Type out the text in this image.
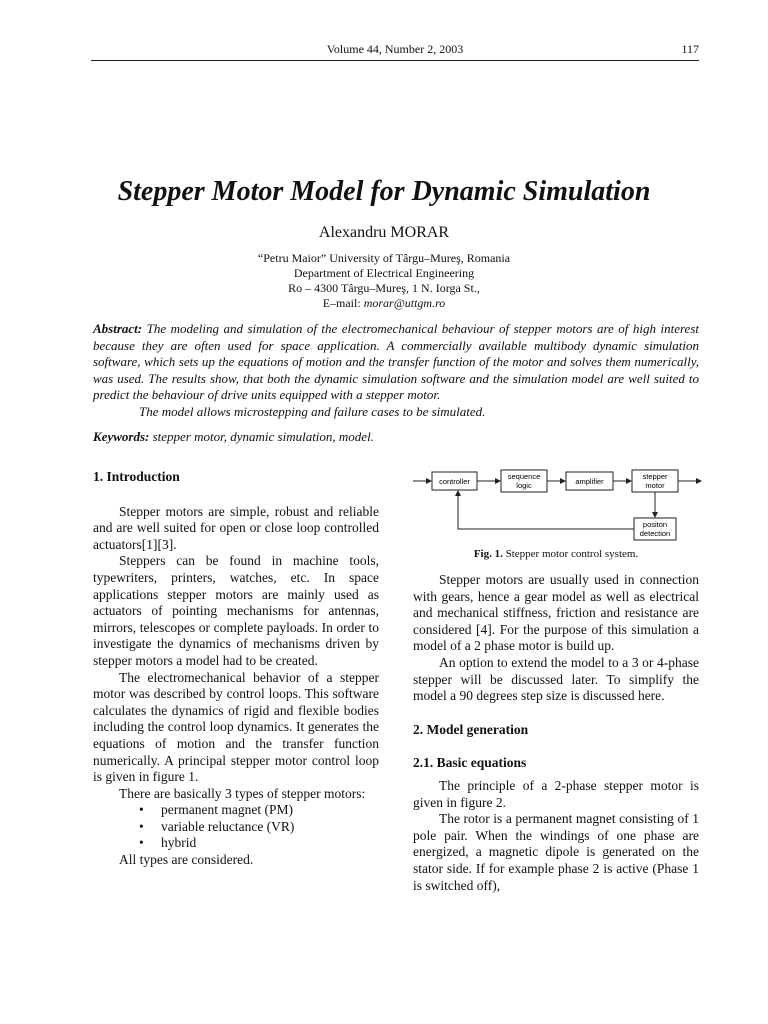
Volume 44, Number 2, 2003	117
Stepper Motor Model for Dynamic Simulation
Alexandru MORAR
“Petru Maior” University of Târgu–Mureş, Romania
Department of Electrical Engineering
Ro – 4300 Târgu–Mureş, 1 N. Iorga St.,
E–mail: morar@uttgm.ro
Abstract: The modeling and simulation of the electromechanical behaviour of stepper motors are of high interest because they are often used for space application. A commercially available multibody dynamic simulation software, which sets up the equations of motion and the transfer function of the motor and solves them numerically, was used. The results show, that both the dynamic simulation software and the simulation model are well suited to predict the behaviour of drive units equipped with a stepper motor.
The model allows microstepping and failure cases to be simulated.
Keywords: stepper motor, dynamic simulation, model.
1. Introduction

Stepper motors are simple, robust and reliable and are well suited for open or close loop controlled actuators[1][3].

Steppers can be found in machine tools, typewriters, printers, watches, etc. In space applications stepper motors are mainly used as actuators of pointing mechanisms for antennas, mirrors, telescopes or complete payloads. In order to investigate the dynamics of mechanisms driven by stepper motors a model had to be created.

The electromechanical behavior of a stepper motor was described by control loops. This software calculates the dynamics of rigid and flexible bodies including the control loop dynamics. It generates the equations of motion and the transfer function numerically. A principal stepper motor control loop is given in figure 1.

There are basically 3 types of stepper motors:

• permanent magnet (PM)
• variable reluctance (VR)
• hybrid

All types are considered.

controller
sequence
logic	amplifier
stepper
motor
positon
detection
Fig. 1. Stepper motor control system.

Stepper motors are usually used in connection with gears, hence a gear model as well as electrical and mechanical stiffness, friction and resistance are considered [4]. For the purpose of this simulation a model of a 2 phase motor is build up.

An option to extend the model to a 3 or 4-phase stepper will be discussed later. To simplify the model a 90 degrees step size is discussed here.

2. Model generation
2.1. Basic equations

The principle of a 2-phase stepper motor is given in figure 2.

The rotor is a permanent magnet consisting of 1 pole pair. When the windings of one phase are energized, a magnetic dipole is generated on the stator side. If for example phase 2 is active (Phase 1 is switched off),
